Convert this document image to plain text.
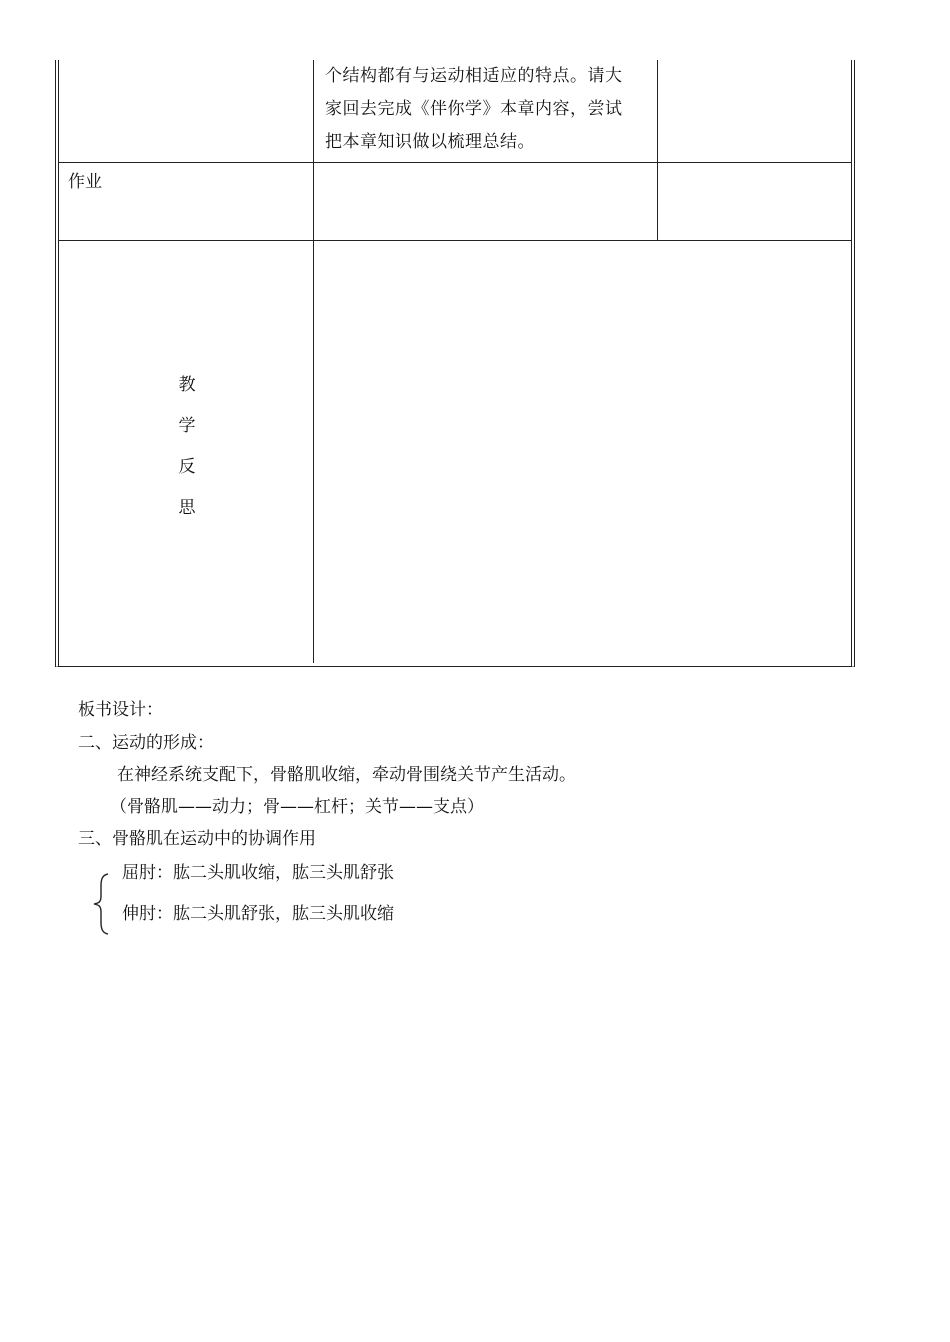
个结构都有与运动相适应的特点。请大
家回去完成《伴你学》本章内容，尝试
把本章知识做以梳理总结。
作业
教
学
反
思
板书设计：
二、运动的形成：
在神经系统支配下，骨骼肌收缩，牵动骨围绕关节产生活动。
（骨骼肌——动力；骨——杠杆；关节——支点）
三、骨骼肌在运动中的协调作用
屈肘：肱二头肌收缩，肱三头肌舒张
伸肘：肱二头肌舒张，肱三头肌收缩
